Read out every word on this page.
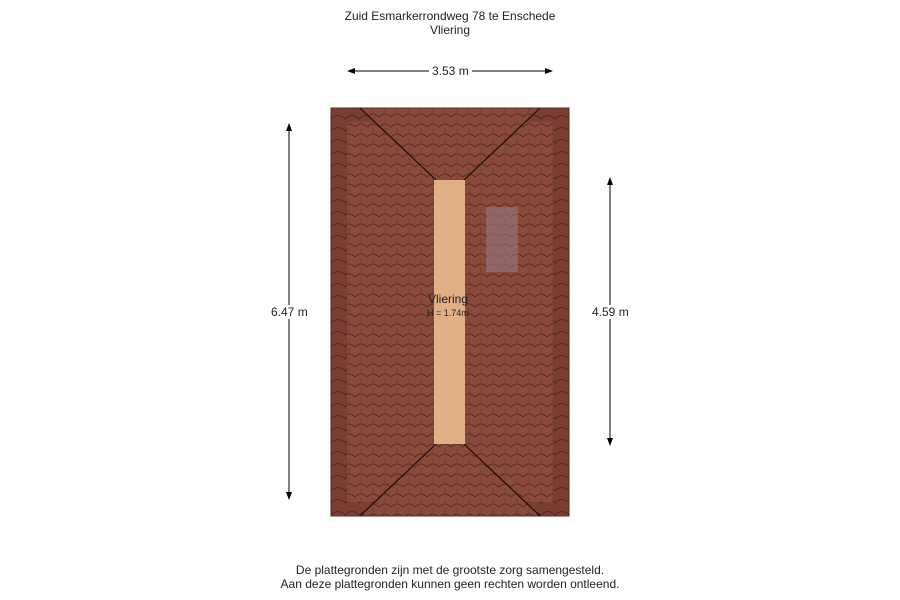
Zuid Esmarkerrondweg 78 te Enschede
Vliering
3.53 m
6.47 m	4.59 m
Vliering
H = 1.74m
De plattegronden zijn met de grootste zorg samengesteld.
Aan deze plattegronden kunnen geen rechten worden ontleend.
